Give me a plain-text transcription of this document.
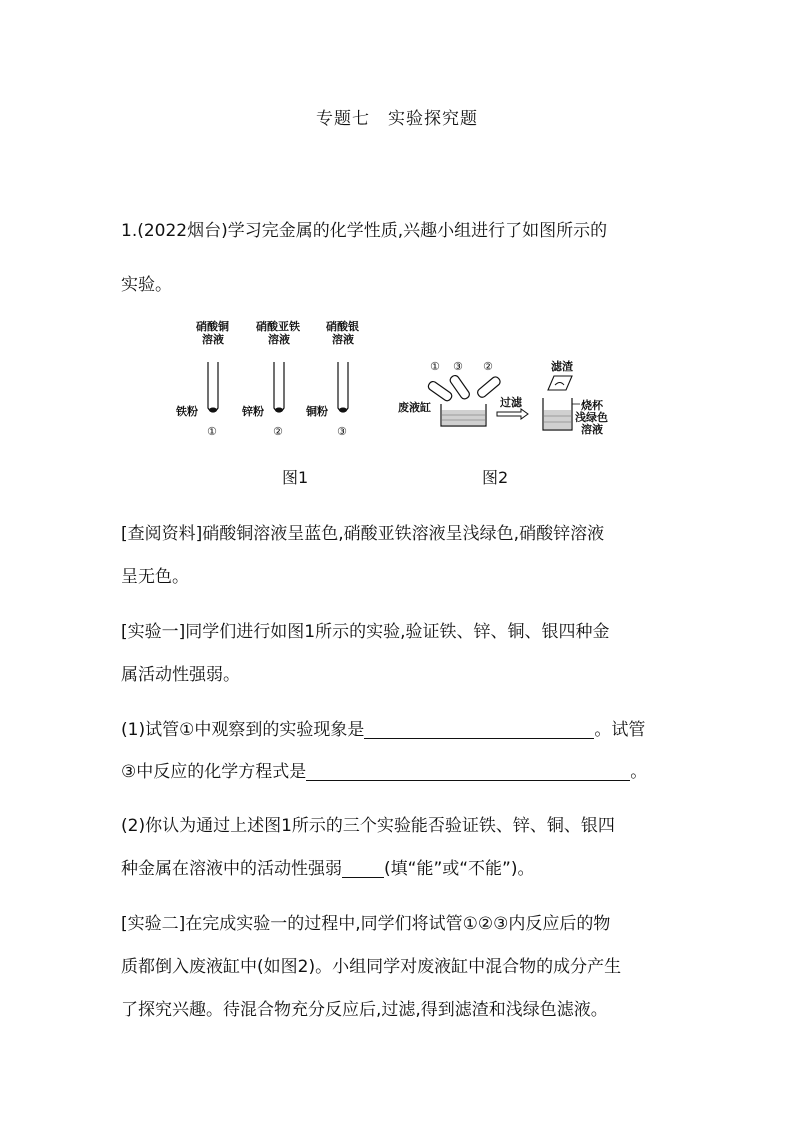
专题七　实验探究题
1.(2022烟台)学习完金属的化学性质,兴趣小组进行了如图所示的
实验。
硝酸铜
溶液
铁粉
①
硝酸亚铁
溶液
锌粉
②
硝酸银
溶液
铜粉
③
① ③ ②
废液缸	过滤
滤渣
烧杯
浅绿色
溶液
图1	图2
[查阅资料]硝酸铜溶液呈蓝色,硝酸亚铁溶液呈浅绿色,硝酸锌溶液
呈无色。
[实验一]同学们进行如图1所示的实验,验证铁、锌、铜、银四种金
属活动性强弱。
(1)试管①中观察到的实验现象是	。试管
③中反应的化学方程式是	。
(2)你认为通过上述图1所示的三个实验能否验证铁、锌、铜、银四
种金属在溶液中的活动性强弱 (填“能”或“不能”)。
[实验二]在完成实验一的过程中,同学们将试管①②③内反应后的物
质都倒入废液缸中(如图2)。小组同学对废液缸中混合物的成分产生
了探究兴趣。待混合物充分反应后,过滤,得到滤渣和浅绿色滤液。
